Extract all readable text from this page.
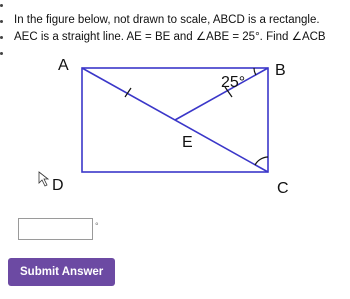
In the figure below, not drawn to scale, ABCD is a rectangle. AEC is a straight line. AE = BE and ∠ABE = 25°. Find ∠ACB

A	B
C
D
E
25°
°
Submit Answer
